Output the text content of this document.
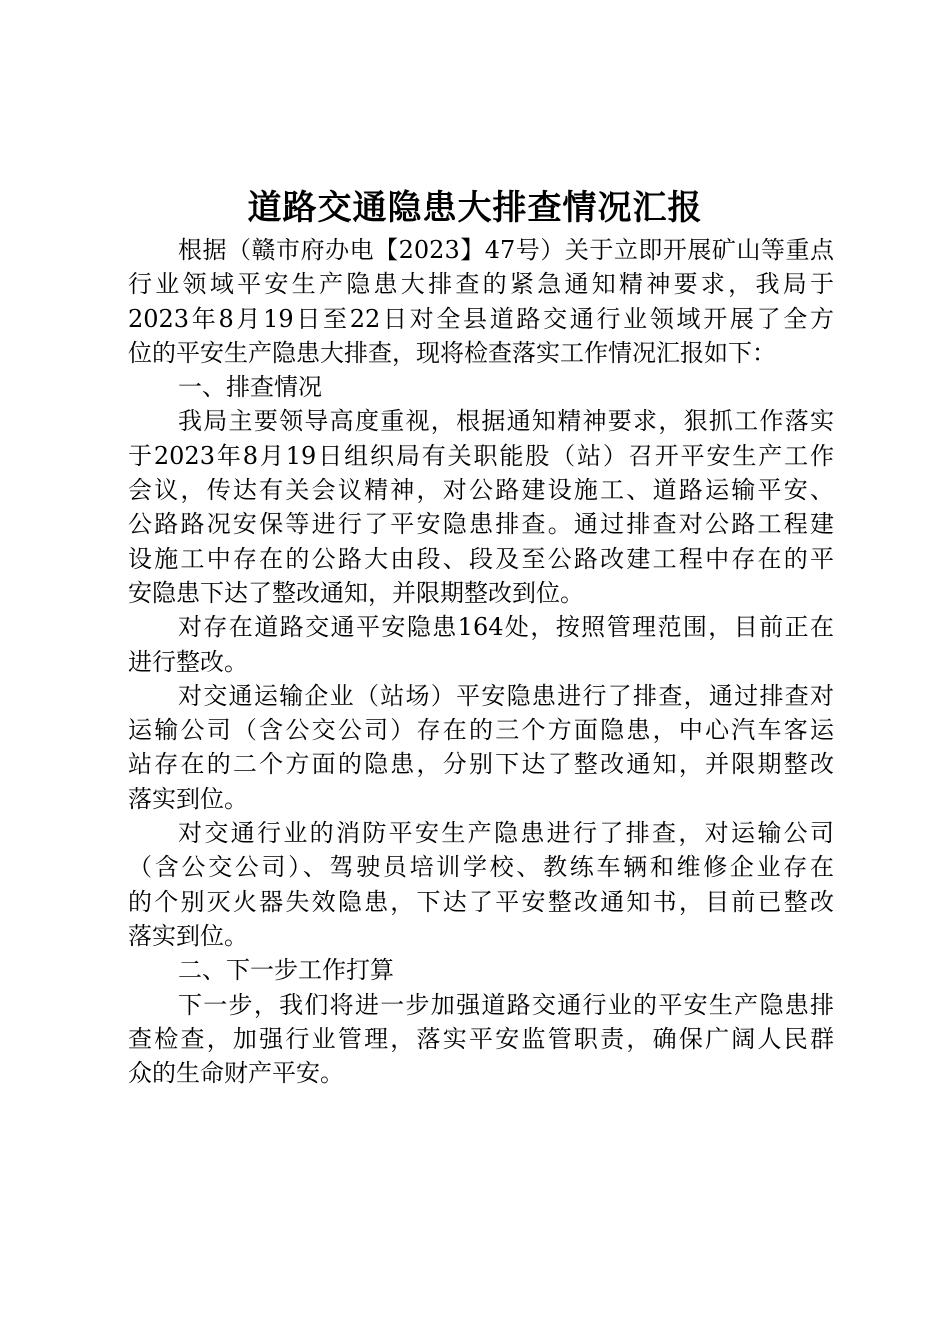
道路交通隐患大排查情况汇报
根据（赣市府办电【2023】47号）关于立即开展矿山等重点
行业领域平安生产隐患大排查的紧急通知精神要求，我局于
2023年8月19日至22日对全县道路交通行业领域开展了全方
位的平安生产隐患大排查，现将检查落实工作情况汇报如下：
一、排查情况
我局主要领导高度重视，根据通知精神要求，狠抓工作落实
于2023年8月19日组织局有关职能股（站）召开平安生产工作
会议，传达有关会议精神，对公路建设施工、道路运输平安、
公路路况安保等进行了平安隐患排查。通过排查对公路工程建
设施工中存在的公路大由段、段及至公路改建工程中存在的平
安隐患下达了整改通知，并限期整改到位。
对存在道路交通平安隐患164处，按照管理范围，目前正在
进行整改。
对交通运输企业（站场）平安隐患进行了排查，通过排查对
运输公司（含公交公司）存在的三个方面隐患，中心汽车客运
站存在的二个方面的隐患，分别下达了整改通知，并限期整改
落实到位。
对交通行业的消防平安生产隐患进行了排查，对运输公司
（含公交公司）、驾驶员培训学校、教练车辆和维修企业存在
的个别灭火器失效隐患，下达了平安整改通知书，目前已整改
落实到位。
二、下一步工作打算
下一步，我们将进一步加强道路交通行业的平安生产隐患排
查检查，加强行业管理，落实平安监管职责，确保广阔人民群
众的生命财产平安。
